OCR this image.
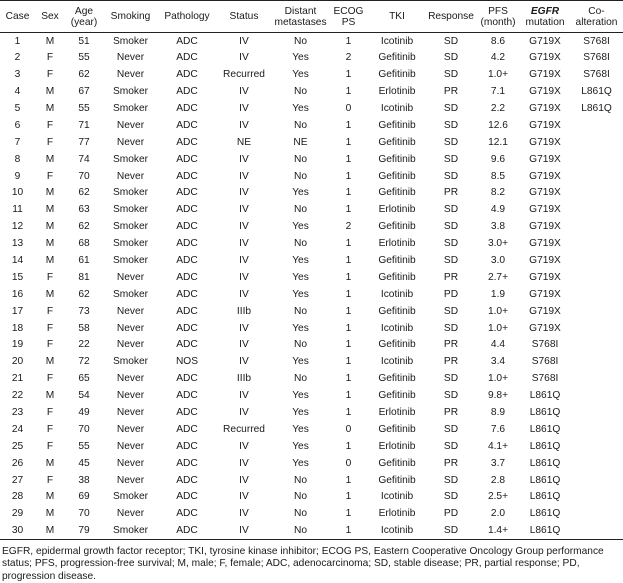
Case	Sex	Age
(year)	Smoking	Pathology	Status	Distant
metastases	ECOG
PS	TKI	Response	PFS
(month)	EGFR
mutation	Co-
alteration
1	M	51	Smoker	ADC	IV	No	1	Icotinib	SD	8.6	G719X	S768I
2	F	55	Never	ADC	IV	Yes	2	Gefitinib	SD	4.2	G719X	S768I
3	F	62	Never	ADC	Recurred	Yes	1	Gefitinib	SD	1.0+	G719X	S768I
4	M	67	Smoker	ADC	IV	No	1	Erlotinib	PR	7.1	G719X	L861Q
5	M	55	Smoker	ADC	IV	Yes	0	Icotinib	SD	2.2	G719X	L861Q
6	F	71	Never	ADC	IV	No	1	Gefitinib	SD	12.6	G719X	
7	F	77	Never	ADC	NE	NE	1	Gefitinib	SD	12.1	G719X	
8	M	74	Smoker	ADC	IV	No	1	Gefitinib	SD	9.6	G719X	
9	F	70	Never	ADC	IV	No	1	Gefitinib	SD	8.5	G719X	
10	M	62	Smoker	ADC	IV	Yes	1	Gefitinib	PR	8.2	G719X	
11	M	63	Smoker	ADC	IV	No	1	Erlotinib	SD	4.9	G719X	
12	M	62	Smoker	ADC	IV	Yes	2	Gefitinib	SD	3.8	G719X	
13	M	68	Smoker	ADC	IV	No	1	Erlotinib	SD	3.0+	G719X	
14	M	61	Smoker	ADC	IV	Yes	1	Gefitinib	SD	3.0	G719X	
15	F	81	Never	ADC	IV	Yes	1	Gefitinib	PR	2.7+	G719X	
16	M	62	Smoker	ADC	IV	Yes	1	Icotinib	PD	1.9	G719X	
17	F	73	Never	ADC	IIIb	No	1	Gefitinib	SD	1.0+	G719X	
18	F	58	Never	ADC	IV	Yes	1	Icotinib	SD	1.0+	G719X	
19	F	22	Never	ADC	IV	No	1	Gefitinib	PR	4.4	S768I	
20	M	72	Smoker	NOS	IV	Yes	1	Icotinib	PR	3.4	S768I	
21	F	65	Never	ADC	IIIb	No	1	Gefitinib	SD	1.0+	S768I	
22	M	54	Never	ADC	IV	Yes	1	Gefitinib	SD	9.8+	L861Q	
23	F	49	Never	ADC	IV	Yes	1	Erlotinib	PR	8.9	L861Q	
24	F	70	Never	ADC	Recurred	Yes	0	Gefitinib	SD	7.6	L861Q	
25	F	55	Never	ADC	IV	Yes	1	Erlotinib	SD	4.1+	L861Q	
26	M	45	Never	ADC	IV	Yes	0	Gefitinib	PR	3.7	L861Q	
27	F	38	Never	ADC	IV	No	1	Gefitinib	SD	2.8	L861Q	
28	M	69	Smoker	ADC	IV	No	1	Icotinib	SD	2.5+	L861Q	
29	M	70	Never	ADC	IV	No	1	Erlotinib	PD	2.0	L861Q	
30	M	79	Smoker	ADC	IV	No	1	Icotinib	SD	1.4+	L861Q	
EGFR, epidermal growth factor receptor; TKI, tyrosine kinase inhibitor; ECOG PS, Eastern Cooperative Oncology Group performance status; PFS, progression-free survival; M, male; F, female; ADC, adenocarcinoma; SD, stable disease; PR, partial response; PD, progression disease.
